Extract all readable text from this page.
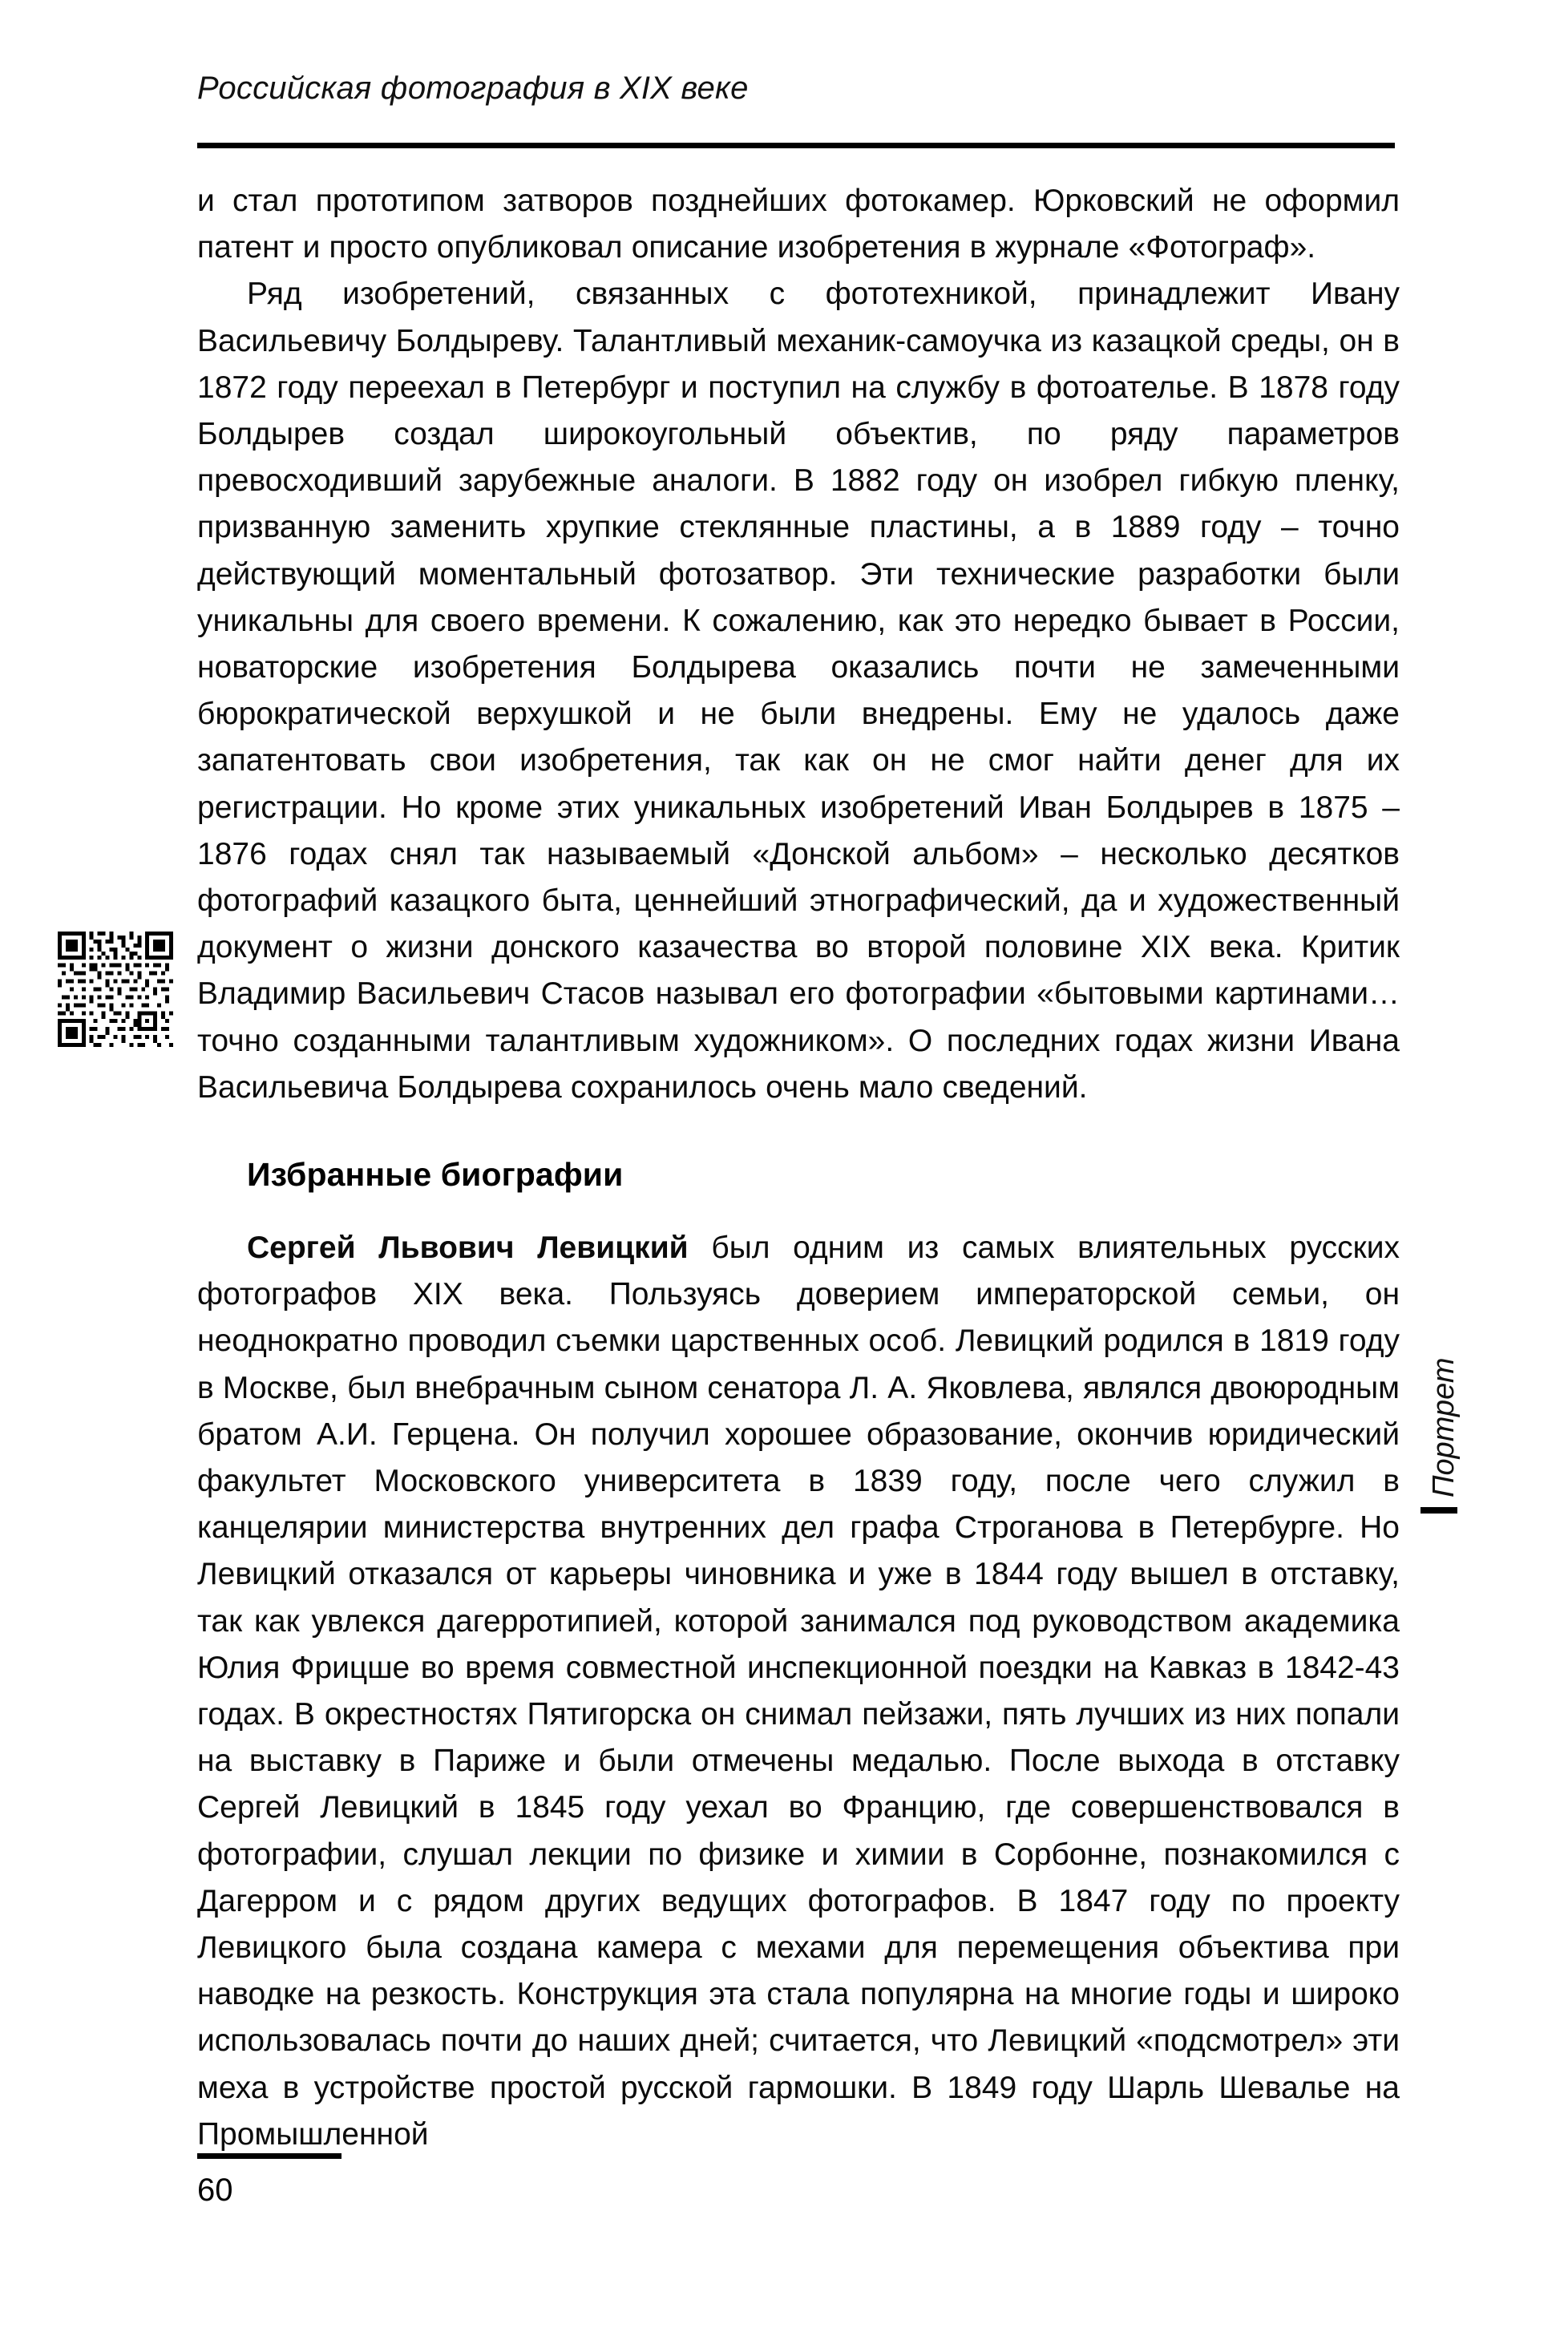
Российская фотография в XIX веке

и стал прототипом затворов позднейших фотокамер. Юрковский не оформил патент и просто опубликовал описание изобретения в журнале «Фотограф».

Ряд изобретений, связанных с фототехникой, принадлежит Ивану Васильевичу Болдыреву. Талантливый механик-самоучка из казацкой среды, он в 1872 году переехал в Петербург и поступил на службу в фотоателье. В 1878 году Болдырев создал широкоугольный объектив, по ряду параметров превосходивший зарубежные аналоги. В 1882 году он изобрел гибкую пленку, призванную заменить хрупкие стеклянные пластины, а в 1889 году – точно действующий моментальный фотозатвор. Эти технические разработки были уникальны для своего времени. К сожалению, как это нередко бывает в России, новаторские изобретения Болдырева оказались почти не замеченными бюрократической верхушкой и не были внедрены. Ему не удалось даже запатентовать свои изобретения, так как он не смог найти денег для их регистрации. Но кроме этих уникальных изобретений Иван Болдырев в 1875 – 1876 годах снял так называемый «Донской альбом» – несколько десятков фотографий казацкого быта, ценнейший этнографический, да и художественный документ о жизни донского казачества во второй половине XIX века. Критик Владимир Васильевич Стасов называл его фотографии «бытовыми картинами… точно созданными талантливым художником». О последних годах жизни Ивана Васильевича Болдырева сохранилось очень мало сведений.

Избранные биографии

Сергей Львович Левицкий был одним из самых влиятельных русских фотографов XIX века. Пользуясь доверием императорской семьи, он неоднократно проводил съемки царственных особ. Левицкий родился в 1819 году в Москве, был внебрачным сыном сенатора Л. А. Яковлева, являлся двоюродным братом А.И. Герцена. Он получил хорошее образование, окончив юридический факультет Московского университета в 1839 году, после чего служил в канцелярии министерства внутренних дел графа Строганова в Петербурге. Но Левицкий отказался от карьеры чиновника и уже в 1844 году вышел в отставку, так как увлекся дагерротипией, которой занимался под руководством академика Юлия Фрицше во время совместной инспекционной поездки на Кавказ в 1842-43 годах. В окрестностях Пятигорска он снимал пейзажи, пять лучших из них попали на выставку в Париже и были отмечены медалью. После выхода в отставку Сергей Левицкий в 1845 году уехал во Францию, где совершенствовался в фотографии, слушал лекции по физике и химии в Сорбонне, познакомился с Дагерром и с рядом других ведущих фотографов. В 1847 году по проекту Левицкого была создана камера с мехами для перемещения объектива при наводке на резкость. Конструкция эта стала популярна на многие годы и широко использовалась почти до наших дней; считается, что Левицкий «подсмотрел» эти меха в устройстве простой русской гармошки. В 1849 году Шарль Шевалье на Промышленной

Портрет
60
